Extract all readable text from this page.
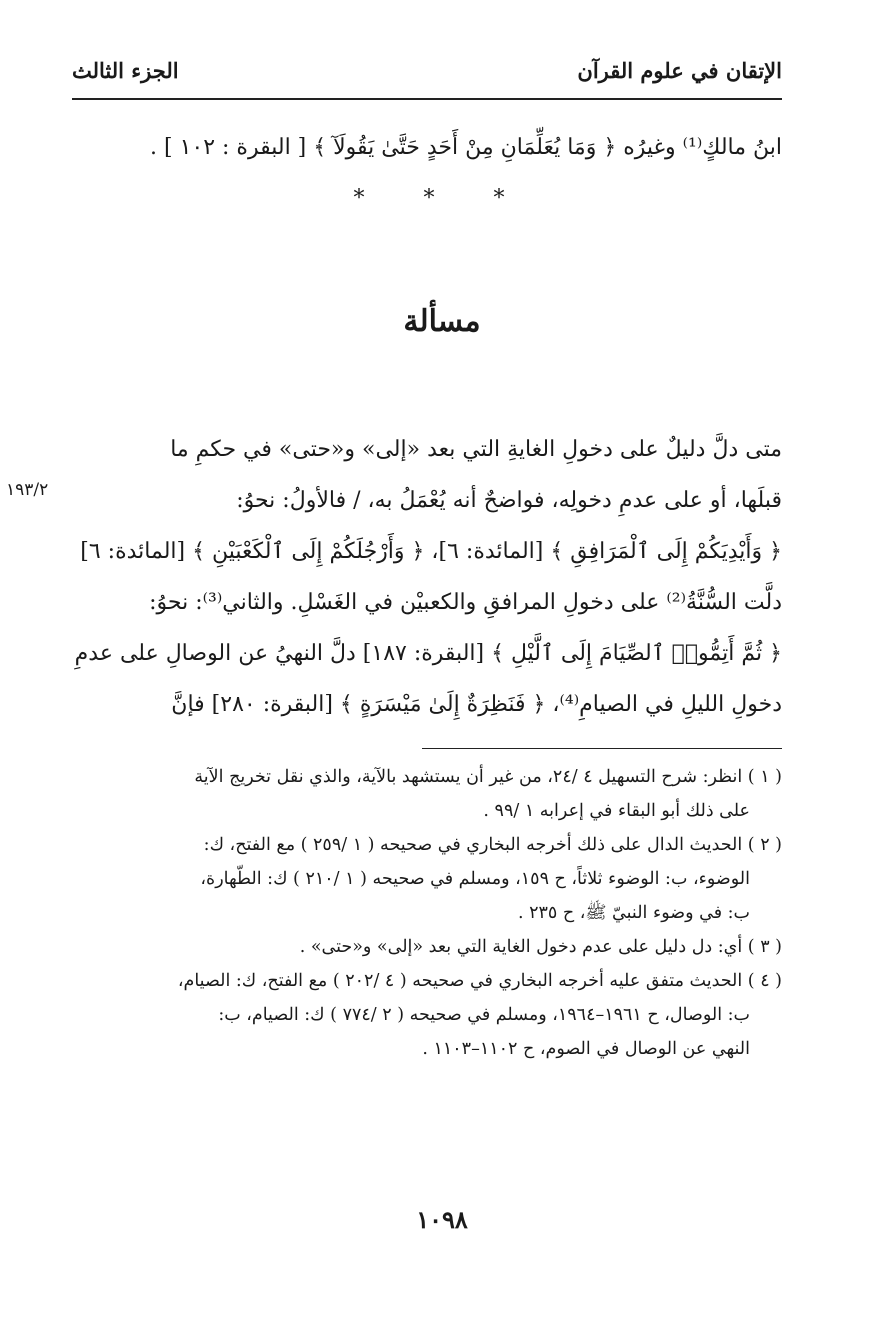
الإتقان في علوم القرآن
الجزء الثالث
ابنُ مالكٍ⁽¹⁾ وغيرُه ﴿ وَمَا يُعَلِّمَانِ مِنْ أَحَدٍ حَتَّىٰ يَقُولَآ ﴾ [ البقرة : ١٠٢ ] .
* * *
مسألة
١٩٣/٢
متى دلَّ دليلٌ على دخولِ الغايةِ التي بعد «إلى» و«حتى» في حكمِ ما
قبلَها، أو على عدمِ دخولِه، فواضحٌ أنه يُعْمَلُ به، / فالأولُ: نحوُ:
﴿ وَأَيْدِيَكُمْ إِلَى ٱلْمَرَافِقِ ﴾ [المائدة: ٦]، ﴿ وَأَرْجُلَكُمْ إِلَى ٱلْكَعْبَيْنِ ﴾ [المائدة: ٦]
دلَّت السُّنَّةُ⁽²⁾ على دخولِ المرافقِ والكعبيْن في الغَسْلِ. والثاني⁽³⁾: نحوُ:
﴿ ثُمَّ أَتِمُّوا۟ ٱلصِّيَامَ إِلَى ٱلَّيْلِ ﴾ [البقرة: ١٨٧] دلَّ النهيُ عن الوصالِ على عدمِ
دخولِ الليلِ في الصيامِ⁽⁴⁾، ﴿ فَنَظِرَةٌ إِلَىٰ مَيْسَرَةٍ ﴾ [البقرة: ٢٨٠] فإنَّ
( ١ ) انظر: شرح التسهيل ٤ /٢٤، من غير أن يستشهد بالآية، والذي نقل تخريج الآية
على ذلك أبو البقاء في إعرابه ١ /٩٩ .
( ٢ ) الحديث الدال على ذلك أخرجه البخاري في صحيحه ( ١ /٢٥٩ ) مع الفتح، ك:
الوضوء، ب: الوضوء ثلاثاً، ح ١٥٩، ومسلم في صحيحه ( ١ /٢١٠ ) ك: الطّهارة،
ب: في وضوء النبيّ ﷺ، ح ٢٣٥ .
( ٣ ) أي: دل دليل على عدم دخول الغاية التي بعد «إلى» و«حتى» .
( ٤ ) الحديث متفق عليه أخرجه البخاري في صحيحه ( ٤ /٢٠٢ ) مع الفتح، ك: الصيام،
ب: الوصال، ح ١٩٦١–١٩٦٤، ومسلم في صحيحه ( ٢ /٧٧٤ ) ك: الصيام، ب:
النهي عن الوصال في الصوم، ح ١١٠٢–١١٠٣ .
١٠٩٨
